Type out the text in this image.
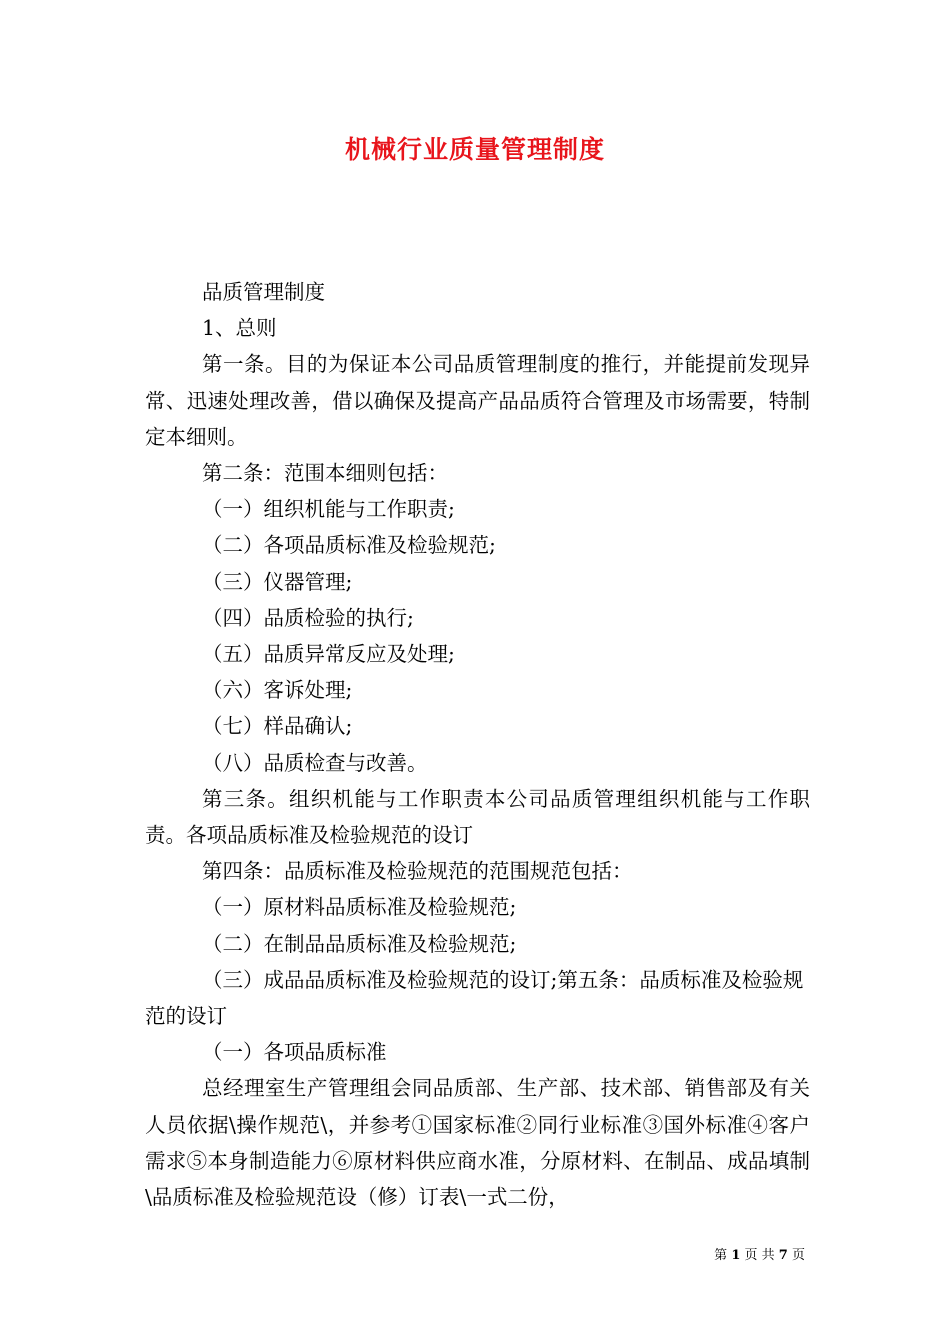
机械行业质量管理制度

品质管理制度

1、总则

第一条。目的为保证本公司品质管理制度的推行，并能提前发现异常、迅速处理改善，借以确保及提高产品品质符合管理及市场需要，特制定本细则。

第二条：范围本细则包括：

（一）组织机能与工作职责;

（二）各项品质标准及检验规范;

（三）仪器管理;

（四）品质检验的执行;

（五）品质异常反应及处理;

（六）客诉处理;

（七）样品确认;

（八）品质检查与改善。

第三条。组织机能与工作职责本公司品质管理组织机能与工作职责。各项品质标准及检验规范的设订

第四条：品质标准及检验规范的范围规范包括：

（一）原材料品质标准及检验规范;

（二）在制品品质标准及检验规范;

（三）成品品质标准及检验规范的设订;第五条：品质标准及检验规范的设订

（一）各项品质标准

总经理室生产管理组会同品质部、生产部、技术部、销售部及有关人员依据\操作规范\，并参考①国家标准②同行业标准③国外标准④客户需求⑤本身制造能力⑥原材料供应商水准，分原材料、在制品、成品填制\品质标准及检验规范设（修）订表\一式二份，

第 1 页 共 7 页
